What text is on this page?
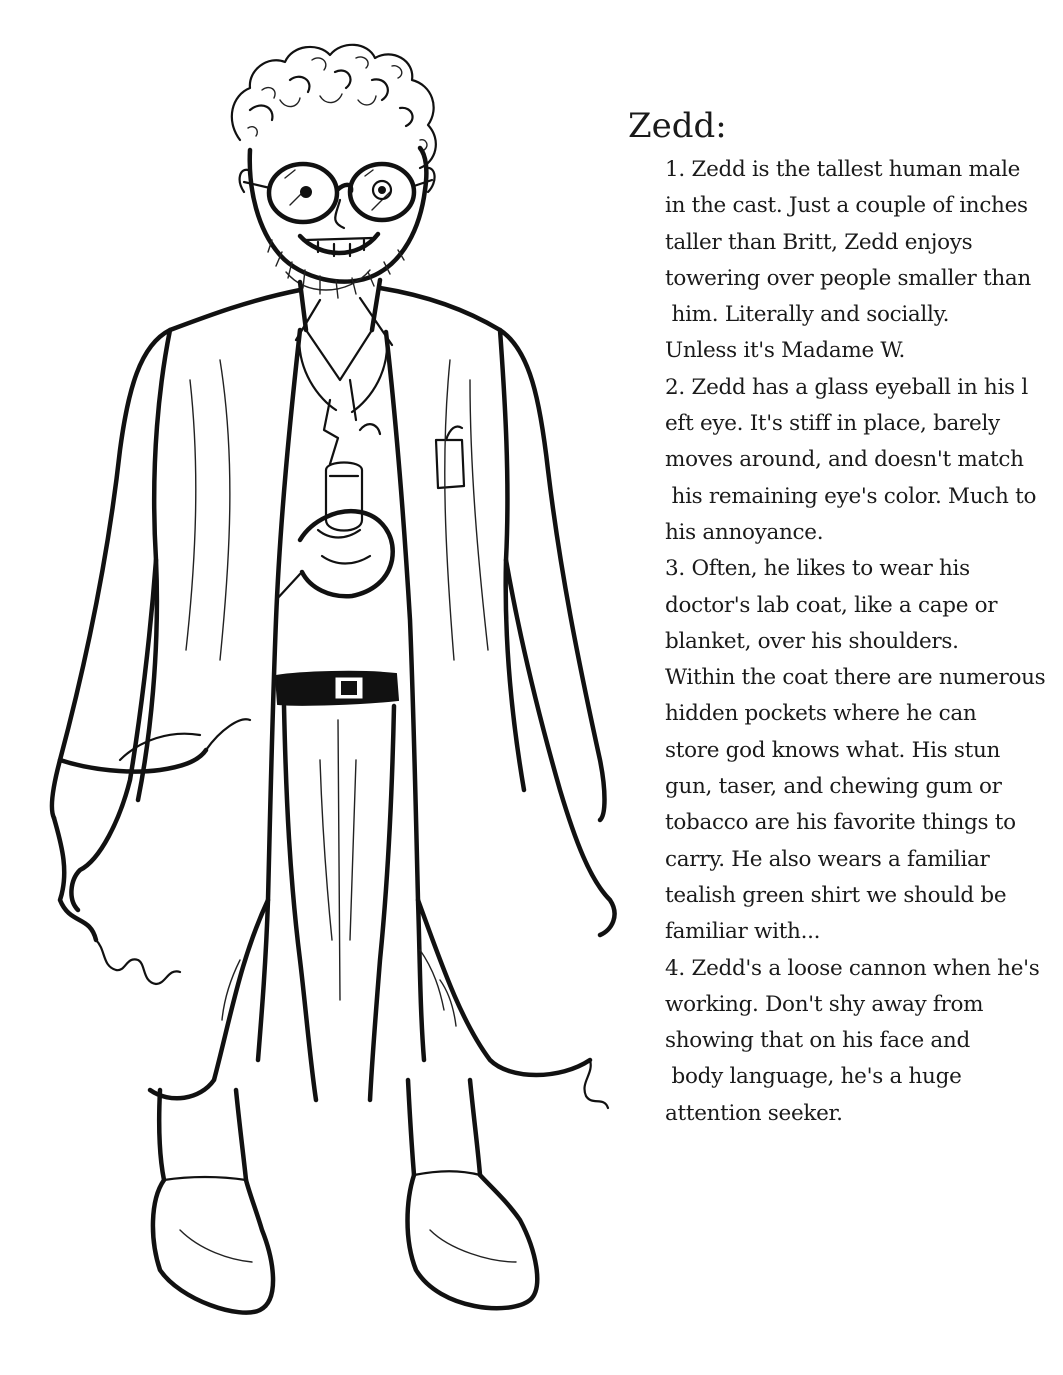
Zedd:
1. Zedd is the tallest human male
in the cast. Just a couple of inches
taller than Britt, Zedd enjoys
towering over people smaller than
him. Literally and socially.
Unless it's Madame W.
2. Zedd has a glass eyeball in his l
eft eye. It's stiff in place, barely
moves around, and doesn't match
his remaining eye's color. Much to
his annoyance.
3. Often, he likes to wear his
doctor's lab coat, like a cape or
blanket, over his shoulders.
Within the coat there are numerous
hidden pockets where he can
store god knows what. His stun
gun, taser, and chewing gum or
tobacco are his favorite things to
carry. He also wears a familiar
tealish green shirt we should be
familiar with...
4. Zedd's a loose cannon when he's
working. Don't shy away from
showing that on his face and
body language, he's a huge
attention seeker.
